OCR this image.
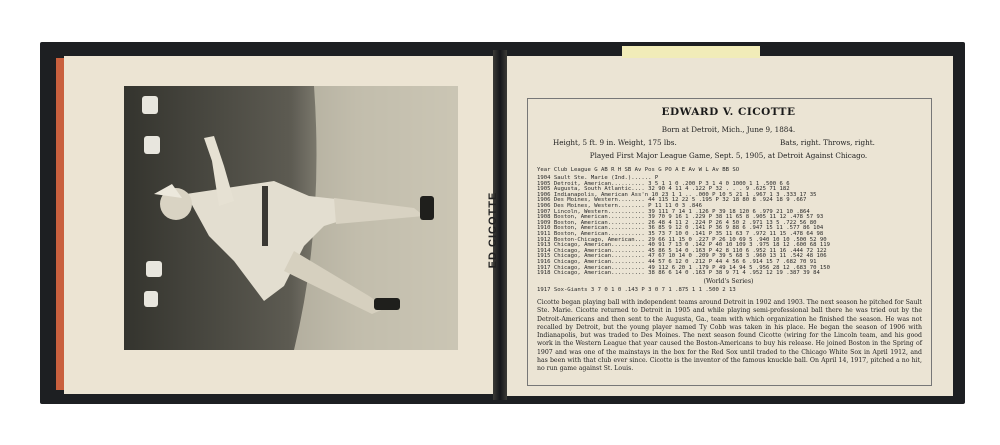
ED CICOTTE
EDWARD V. CICOTTE
Born at Detroit, Mich., June 9, 1884.
Height, 5 ft. 9 in. Weight, 175 lbs.	Bats, right. Throws, right.
Played First Major League Game, Sept. 5, 1905, at Detroit Against Chicago.
Year Club League G AB R H SB Av Pos G PO A E Av W L Av BB SO
1904 Sault Ste. Marie (Ind.)...... P
1905 Detroit, American.......... 3 5 1 1 0 .200 P 3 1 4 0 1000 1 1 .500 6 6
1905 Augusta, South Atlantic.... 32 90 4 11 4 .122 P 32 . . . 9 .625 71 182
1906 Indianapolis, American Ass'n 10 23 1 1 .. .000 P 10 5 21 1 .967 1 3 .333 17 35
1906 Des Moines, Western........ 44 115 12 22 5 .195 P 32 18 80 8 .924 18 9 .667
1906 Des Moines, Western........ P 11 11 0 3 .846
1907 Lincoln, Western........... 39 111 7 14 1 .126 P 39 18 120 6 .979 21 10 .864
1908 Boston, American........... 39 70 9 16 1 .229 P 38 11 65 8 .905 11 12 .478 57 93
1909 Boston, American........... 26 48 4 11 2 .224 P 26 4 50 2 .971 13 5 .722 56 80
1910 Boston, American........... 36 85 9 12 0 .141 P 36 9 88 6 .947 15 11 .577 86 104
1911 Boston, American........... 35 73 7 10 0 .141 P 35 11 63 7 .972 11 15 .478 64 98
1912 Boston-Chicago, American... 29 66 11 15 0 .227 P 26 10 69 5 .940 10 10 .500 52 90
1913 Chicago, American.......... 40 91 7 13 0 .142 P 40 10 109 3 .975 18 12 .600 68 119
1914 Chicago, American.......... 45 86 5 14 0 .163 P 42 8 110 6 .952 11 16 .444 72 122
1915 Chicago, American.......... 47 67 10 14 0 .209 P 39 5 68 3 .960 13 11 .542 48 106
1916 Chicago, American.......... 44 57 6 12 0 .212 P 44 4 56 6 .914 15 7 .682 70 91
1917 Chicago, American.......... 49 112 6 20 1 .179 P 49 14 94 5 .956 28 12 .683 70 150
1918 Chicago, American.......... 38 86 6 14 0 .163 P 38 9 71 4 .952 12 19 .387 39 84
(World's Series)
1917 Sox-Giants 3 7 0 1 0 .143 P 3 0 7 1 .875 1 1 .500 2 13
Cicotte began playing ball with independent teams around Detroit in 1902 and 1903. The next season he pitched for Sault Ste. Marie. Cicotte returned to Detroit in 1905 and while playing semi-professional ball there he was tried out by the Detroit-Americans and then sent to the Augusta, Ga., team with which organization he finished the season. He was not recalled by Detroit, but the young player named Ty Cobb was taken in his place. He began the season of 1906 with Indianapolis, but was traded to Des Moines. The next season found Cicotte (wiring for the Lincoln team, and his good work in the Western League that year caused the Boston-Americans to buy his release. He joined Boston in the Spring of 1907 and was one of the mainstays in the box for the Red Sox until traded to the Chicago White Sox in April 1912, and has been with that club ever since. Cicotte is the inventor of the famous knuckle ball. On April 14, 1917, pitched a no hit, no run game against St. Louis.
